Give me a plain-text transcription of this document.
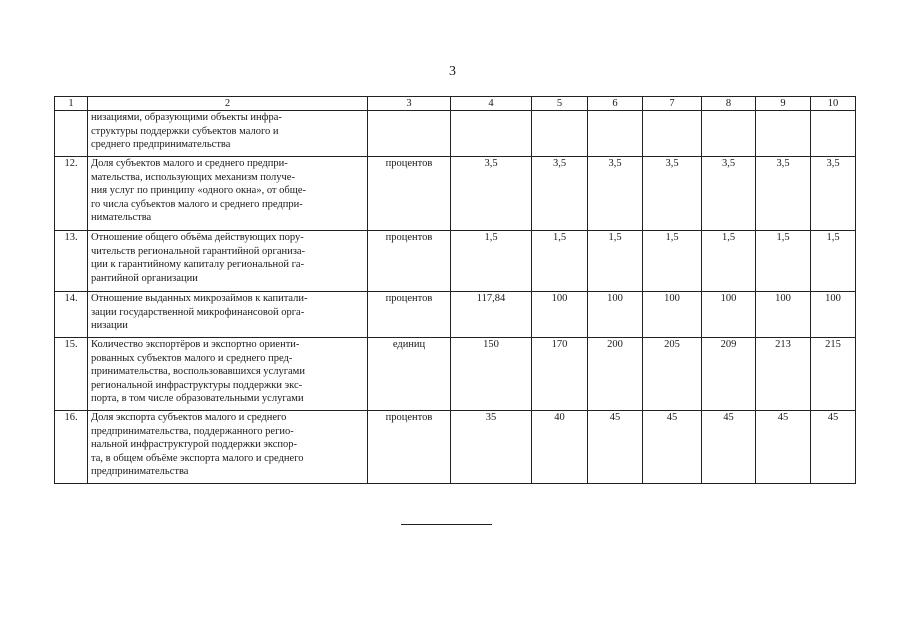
3
1	2	3	4	5	6	7	8	9	10

	низациями, образующими объекты инфра-
структуры поддержки субъектов малого и
среднего предпринимательства								

12.	Доля субъектов малого и среднего предпри-
мательства, использующих механизм получе-
ния услуг по принципу «одного окна», от обще-
го числа субъектов малого и среднего предпри-
нимательства	процентов	3,5	3,5	3,5	3,5	3,5	3,5	3,5
13.	Отношение общего объёма действующих пору-
чительств региональной гарантийной организа-
ции к гарантийному капиталу региональной га-
рантийной организации	процентов	1,5	1,5	1,5	1,5	1,5	1,5	1,5
14.	Отношение выданных микрозаймов к капитали-
зации государственной микрофинансовой орга-
низации	процентов	117,84	100	100	100	100	100	100
15.	Количество экспортёров и экспортно ориенти-
рованных субъектов малого и среднего пред-
принимательства, воспользовавшихся услугами
региональной инфраструктуры поддержки экс-
порта, в том числе образовательными услугами	единиц	150	170	200	205	209	213	215
16.	Доля экспорта субъектов малого и среднего
предпринимательства, поддержанного регио-
нальной инфраструктурой поддержки экспор-
та, в общем объёме экспорта малого и среднего
предпринимательства	процентов	35	40	45	45	45	45	45
